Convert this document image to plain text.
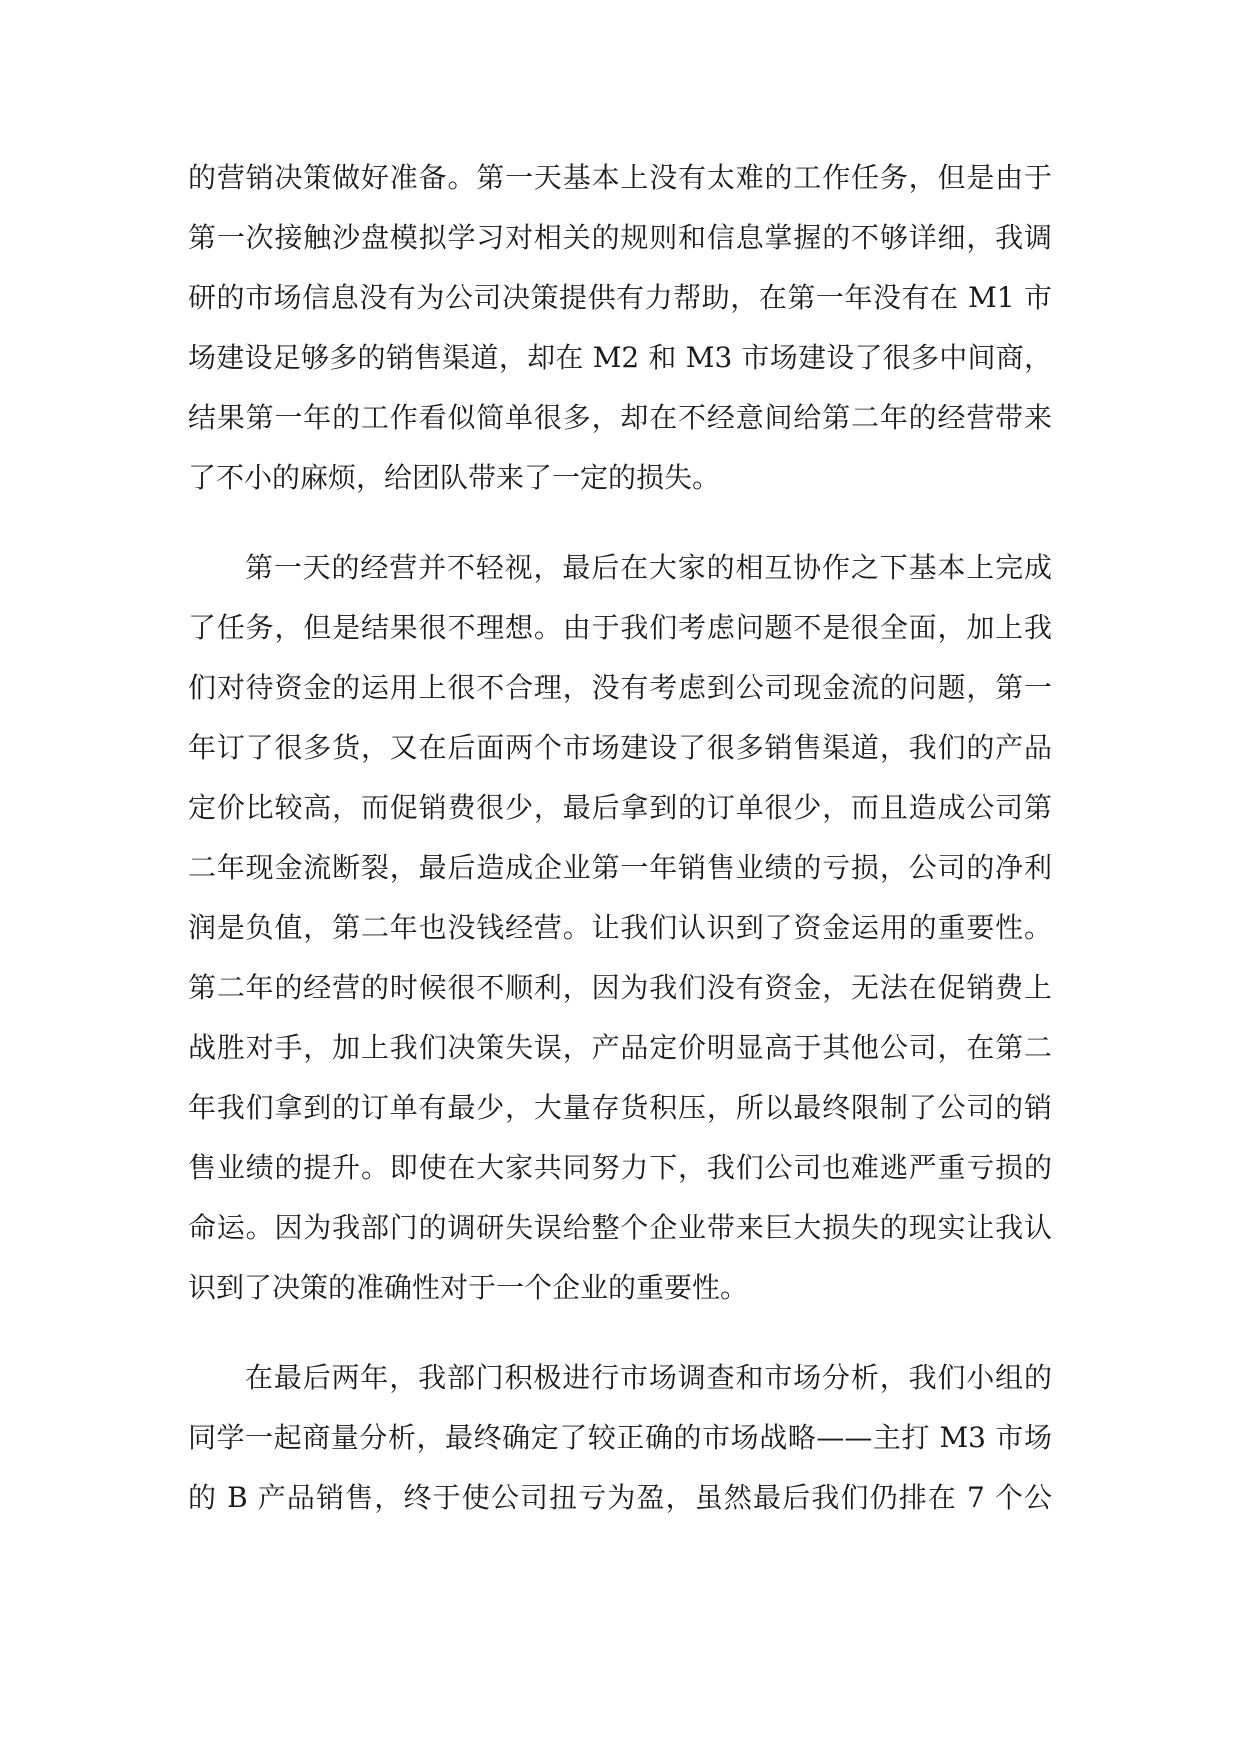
的营销决策做好准备。第一天基本上没有太难的工作任务，但是由于
第一次接触沙盘模拟学习对相关的规则和信息掌握的不够详细，我调
研的市场信息没有为公司决策提供有力帮助，在第一年没有在 M1 市
场建设足够多的销售渠道，却在 M2 和 M3 市场建设了很多中间商，
结果第一年的工作看似简单很多，却在不经意间给第二年的经营带来
了不小的麻烦，给团队带来了一定的损失。
第一天的经营并不轻视，最后在大家的相互协作之下基本上完成
了任务，但是结果很不理想。由于我们考虑问题不是很全面，加上我
们对待资金的运用上很不合理，没有考虑到公司现金流的问题，第一
年订了很多货，又在后面两个市场建设了很多销售渠道，我们的产品
定价比较高，而促销费很少，最后拿到的订单很少，而且造成公司第
二年现金流断裂，最后造成企业第一年销售业绩的亏损，公司的净利
润是负值，第二年也没钱经营。让我们认识到了资金运用的重要性。
第二年的经营的时候很不顺利，因为我们没有资金，无法在促销费上
战胜对手，加上我们决策失误，产品定价明显高于其他公司，在第二
年我们拿到的订单有最少，大量存货积压，所以最终限制了公司的销
售业绩的提升。即使在大家共同努力下，我们公司也难逃严重亏损的
命运。因为我部门的调研失误给整个企业带来巨大损失的现实让我认
识到了决策的准确性对于一个企业的重要性。
在最后两年，我部门积极进行市场调查和市场分析，我们小组的
同学一起商量分析，最终确定了较正确的市场战略——主打 M3 市场
的 B 产品销售，终于使公司扭亏为盈，虽然最后我们仍排在 7 个公
